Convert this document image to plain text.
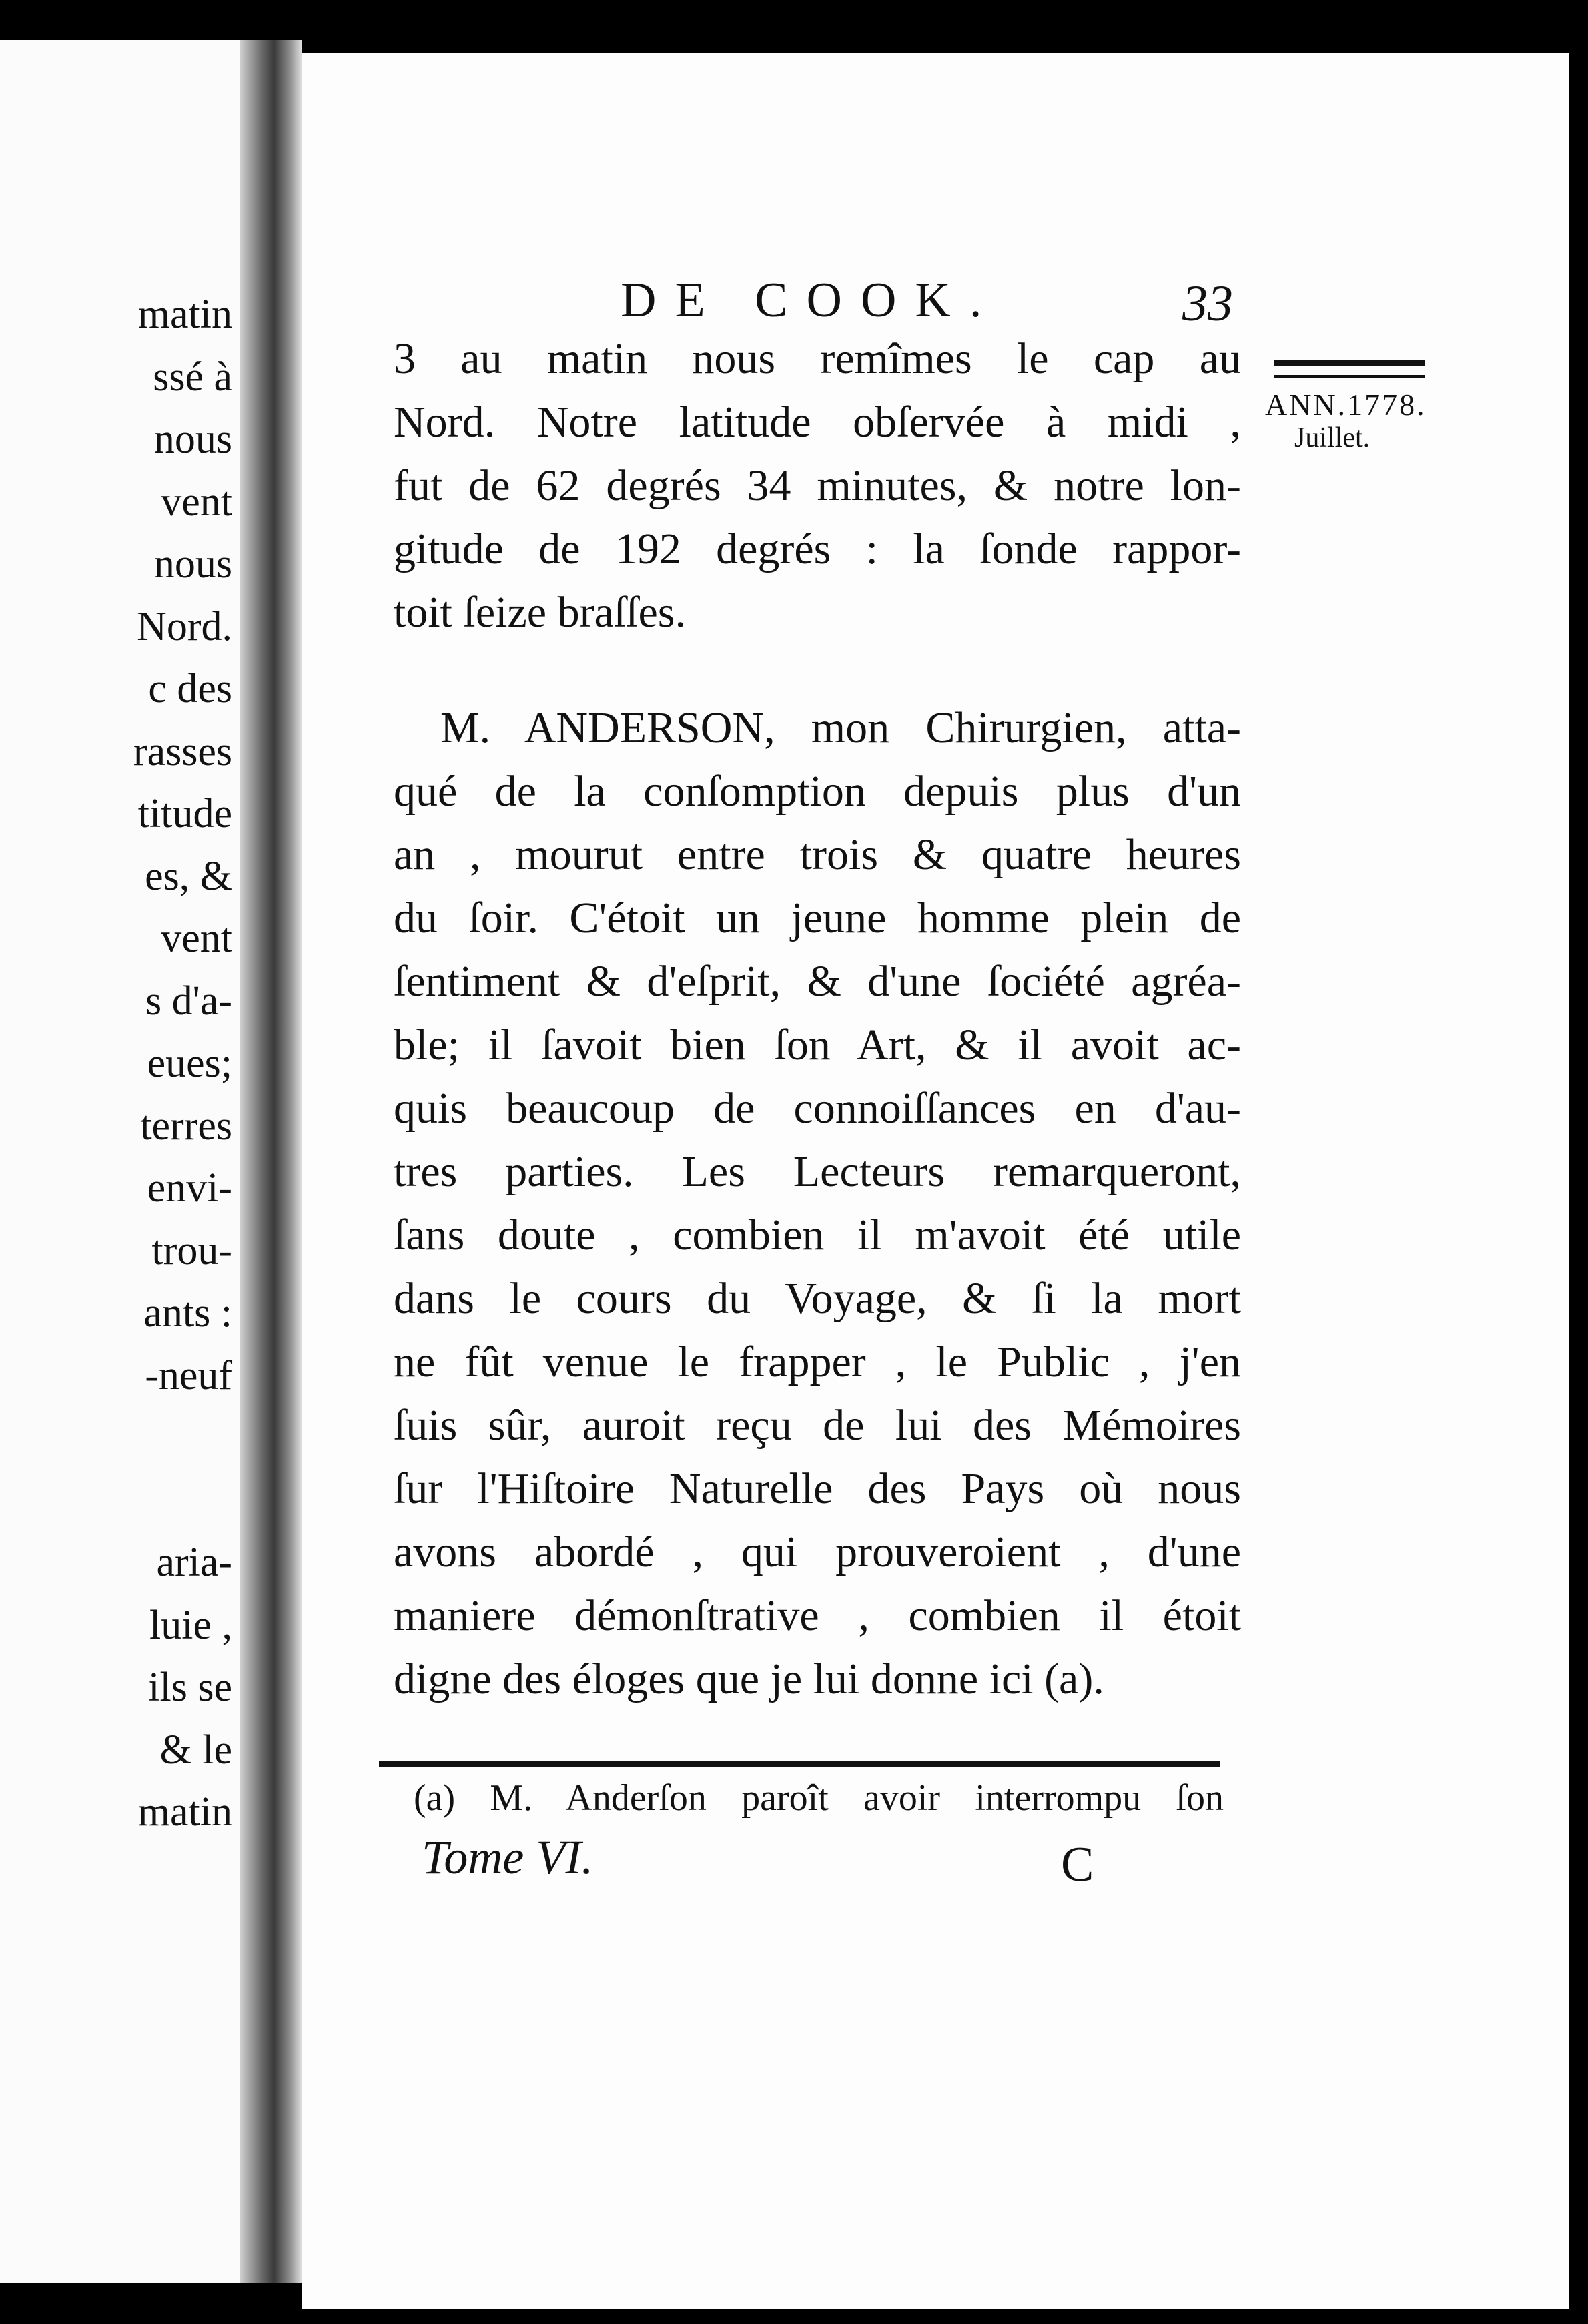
matin
ssé à
nous
vent
nous
Nord.
c des
rasses
titude
es, &
vent
s d'a-
eues;
terres
envi-
trou-
ants :
-neuf
aria-
luie ,
ils se
& le
matin
DE COOK.	33
ANN.1778.
Juillet.
3 au matin nous remîmes le cap au
Nord. Notre latitude obſervée à midi ,
fut de 62 degrés 34 minutes, & notre lon-
gitude de 192 degrés : la ſonde rappor-
toit ſeize braſſes.
M. ANDERSON, mon Chirurgien, atta-
qué de la conſomption depuis plus d'un
an , mourut entre trois & quatre heures
du ſoir. C'étoit un jeune homme plein de
ſentiment & d'eſprit, & d'une ſociété agréa-
ble; il ſavoit bien ſon Art, & il avoit ac-
quis beaucoup de connoiſſances en d'au-
tres parties. Les Lecteurs remarqueront,
ſans doute , combien il m'avoit été utile
dans le cours du Voyage, & ſi la mort
ne fût venue le frapper , le Public , j'en
ſuis sûr, auroit reçu de lui des Mémoires
ſur l'Hiſtoire Naturelle des Pays où nous
avons abordé , qui prouveroient , d'une
maniere démonſtrative , combien il étoit
digne des éloges que je lui donne ici (a).
(a) M. Anderſon paroît avoir interrompu ſon
Tome VI.	C
